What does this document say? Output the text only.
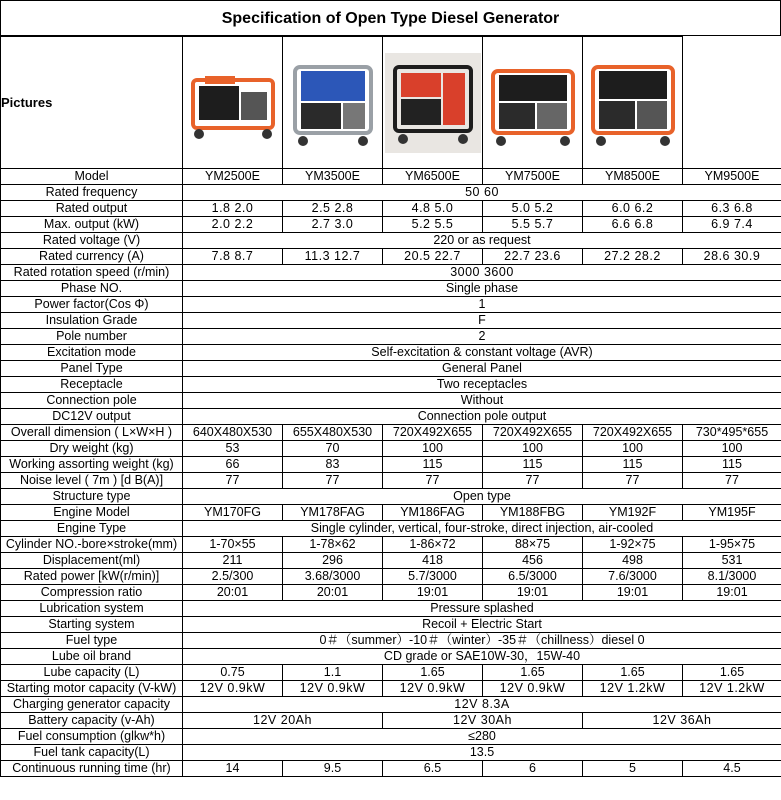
Specification of Open Type Diesel Generator
Pictures	

Model	YM2500E	YM3500E	YM6500E	YM7500E	YM8500E	YM9500E
Rated frequency	50 60					
Rated output	1.8 2.0	2.5 2.8	4.8 5.0	5.0 5.2	6.0 6.2	6.3 6.8
Max. output (kW)	2.0 2.2	2.7 3.0	5.2 5.5	5.5 5.7	6.6 6.8	6.9 7.4
Rated voltage (V)	220 or as request					
Rated currency (A)	7.8 8.7	11.3 12.7	20.5 22.7	22.7 23.6	27.2 28.2	28.6 30.9
Rated rotation speed (r/min)	3000 3600					
Phase NO.	Single phase					
Power factor(Cos Φ)	1					
Insulation Grade	F					
Pole number	2					
Excitation mode	Self-excitation & constant voltage (AVR)					
Panel Type	General Panel					
Receptacle	Two receptacles					
Connection pole	Without					
DC12V output	Connection pole output					
Overall dimension ( L×W×H )	640X480X530	655X480X530	720X492X655	720X492X655	720X492X655	730*495*655
Dry weight (kg)	53	70	100	100	100	100
Working assorting weight (kg)	66	83	115	115	115	115
Noise level ( 7m ) [d B(A)]	77	77	77	77	77	77
Structure type	Open type					
Engine Model	YM170FG	YM178FAG	YM186FAG	YM188FBG	YM192F	YM195F
Engine Type	Single cylinder, vertical, four-stroke, direct injection, air-cooled					
Cylinder NO.-bore×stroke(mm)	1-70×55	1-78×62	1-86×72	88×75	1-92×75	1-95×75
Displacement(ml)	211	296	418	456	498	531
Rated power [kW(r/min)]	2.5/300	3.68/3000	5.7/3000	6.5/3000	7.6/3000	8.1/3000
Compression ratio	20:01	20:01	19:01	19:01	19:01	19:01
Lubrication system	Pressure splashed					
Starting system	Recoil + Electric Start					
Fuel type	0＃（summer）-10＃（winter）-35＃（chillness）diesel 0					
Lube oil brand	CD grade or SAE10W-30，15W-40					
Lube capacity (L)	0.75	1.1	1.65	1.65	1.65	1.65
Starting motor capacity (V-kW)	12V 0.9kW	12V 0.9kW	12V 0.9kW	12V 0.9kW	12V 1.2kW	12V 1.2kW
Charging generator capacity	12V 8.3A					
Battery capacity (v-Ah)	12V 20Ah		12V 30Ah		12V 36Ah	
Fuel consumption (glkw*h)	≤280					
Fuel tank capacity(L)	13.5					
Continuous running time (hr)	14	9.5	6.5	6	5	4.5
